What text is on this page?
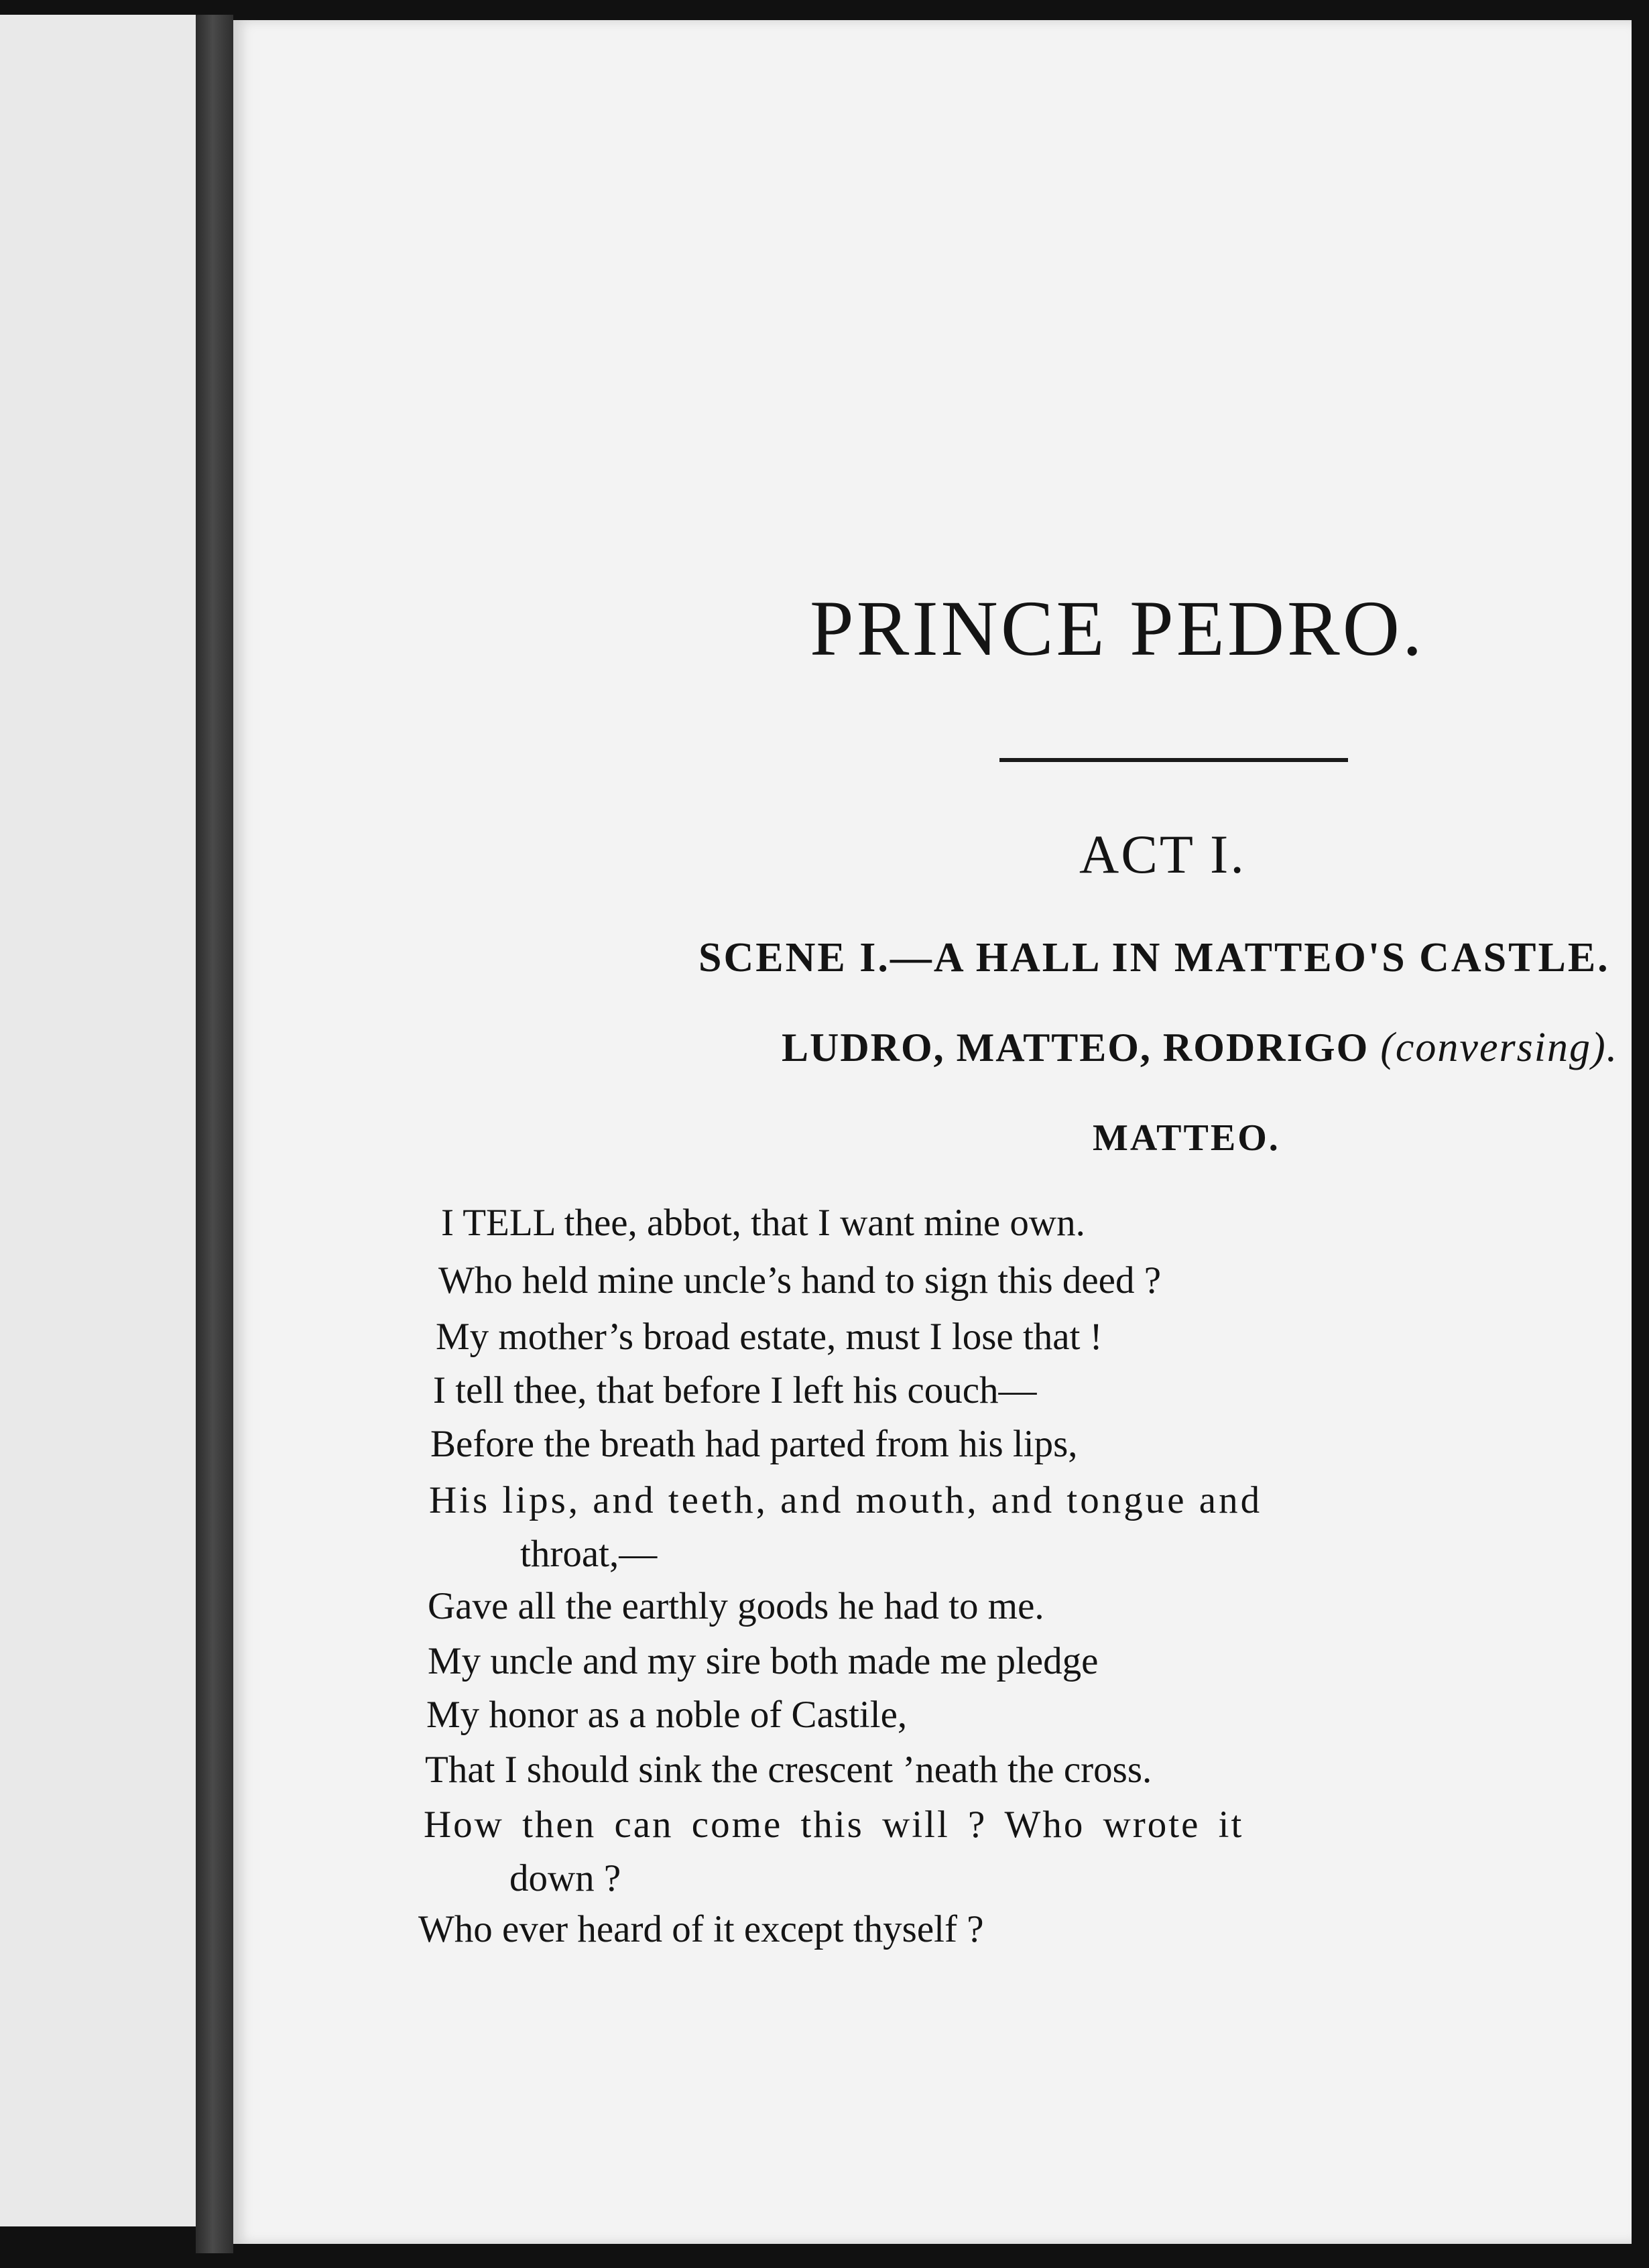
PRINCE PEDRO.
ACT I.
SCENE I.—A HALL IN MATTEO'S CASTLE.
LUDRO, MATTEO, RODRIGO (conversing).
MATTEO.
I TELL thee, abbot, that I want mine own.
Who held mine uncle’s hand to sign this deed ?
My mother’s broad estate, must I lose that !
I tell thee, that before I left his couch—
Before the breath had parted from his lips,
His lips, and teeth, and mouth, and tongue and
throat,—
Gave all the earthly goods he had to me.
My uncle and my sire both made me pledge
My honor as a noble of Castile,
That I should sink the crescent ’neath the cross.
How then can come this will ? Who wrote it
down ?
Who ever heard of it except thyself ?
